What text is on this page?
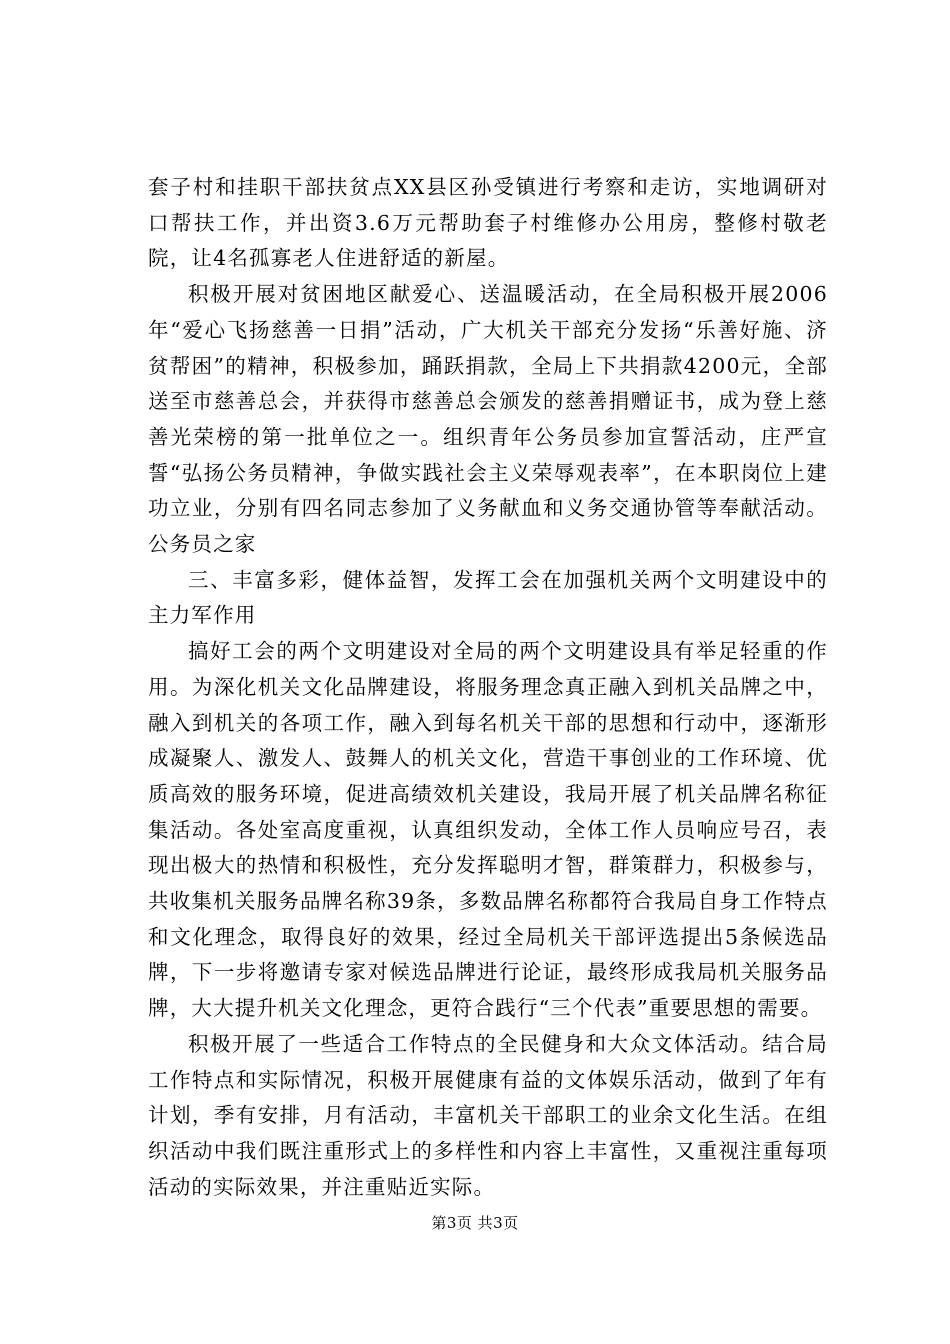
套子村和挂职干部扶贫点XX县区孙受镇进行考察和走访，实地调研对口帮扶工作，并出资3.6万元帮助套子村维修办公用房，整修村敬老院，让4名孤寡老人住进舒适的新屋。

积极开展对贫困地区献爱心、送温暖活动，在全局积极开展2006年“爱心飞扬慈善一日捐”活动，广大机关干部充分发扬“乐善好施、济贫帮困”的精神，积极参加，踊跃捐款，全局上下共捐款4200元，全部送至市慈善总会，并获得市慈善总会颁发的慈善捐赠证书，成为登上慈善光荣榜的第一批单位之一。组织青年公务员参加宣誓活动，庄严宣誓“弘扬公务员精神，争做实践社会主义荣辱观表率”，在本职岗位上建功立业，分别有四名同志参加了义务献血和义务交通协管等奉献活动。公务员之家

三、丰富多彩，健体益智，发挥工会在加强机关两个文明建设中的主力军作用

搞好工会的两个文明建设对全局的两个文明建设具有举足轻重的作用。为深化机关文化品牌建设，将服务理念真正融入到机关品牌之中，融入到机关的各项工作，融入到每名机关干部的思想和行动中，逐渐形成凝聚人、激发人、鼓舞人的机关文化，营造干事创业的工作环境、优质高效的服务环境，促进高绩效机关建设，我局开展了机关品牌名称征集活动。各处室高度重视，认真组织发动，全体工作人员响应号召，表现出极大的热情和积极性，充分发挥聪明才智，群策群力，积极参与，共收集机关服务品牌名称39条，多数品牌名称都符合我局自身工作特点和文化理念，取得良好的效果，经过全局机关干部评选提出5条候选品牌，下一步将邀请专家对候选品牌进行论证，最终形成我局机关服务品牌，大大提升机关文化理念，更符合践行“三个代表”重要思想的需要。

积极开展了一些适合工作特点的全民健身和大众文体活动。结合局工作特点和实际情况，积极开展健康有益的文体娱乐活动，做到了年有计划，季有安排，月有活动，丰富机关干部职工的业余文化生活。在组织活动中我们既注重形式上的多样性和内容上丰富性，又重视注重每项活动的实际效果，并注重贴近实际。

第3页 共3页
